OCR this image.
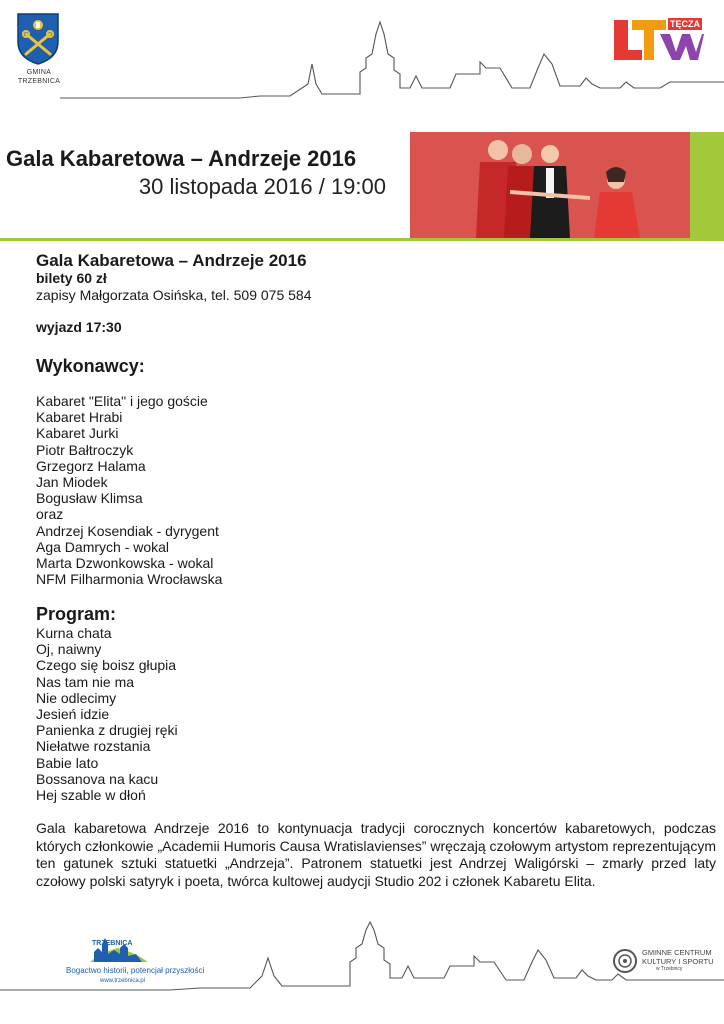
GMINA
TRZEBNICA
TĘCZA
Gala Kabaretowa – Andrzeje 2016
30 listopada 2016 / 19:00
Gala Kabaretowa – Andrzeje 2016
bilety 60 zł
zapisy Małgorzata Osińska, tel. 509 075 584
wyjazd 17:30
Wykonawcy:
Kabaret "Elita" i jego goście
Kabaret Hrabi
Kabaret Jurki
Piotr Bałtroczyk
Grzegorz Halama
Jan Miodek
Bogusław Klimsa
oraz
Andrzej Kosendiak - dyrygent
Aga Damrych - wokal
Marta Dzwonkowska - wokal
NFM Filharmonia Wrocławska
Program:
Kurna chata
Oj, naiwny
Czego się boisz głupia
Nas tam nie ma
Nie odlecimy
Jesień idzie
Panienka z drugiej ręki
Niełatwe rozstania
Babie lato
Bossanova na kacu
Hej szable w dłoń
Gala kabaretowa Andrzeje 2016 to kontynuacja tradycji corocznych koncertów kabaretowych, podczas których członkowie „Academii Humoris Causa Wratislavienses” wręczają czołowym artystom reprezentującym ten gatunek sztuki statuetki „Andrzeja”. Patronem statuetki jest Andrzej Waligórski – zmarły przed laty czołowy polski satyryk i poeta, twórca kultowej audycji Studio 202 i członek Kabaretu Elita.
TRZEBNICA
Bogactwo historii, potencjał przyszłości
www.trzebnica.pl
GMINNE CENTRUM
KULTURY I SPORTU
w Trzebnicy
